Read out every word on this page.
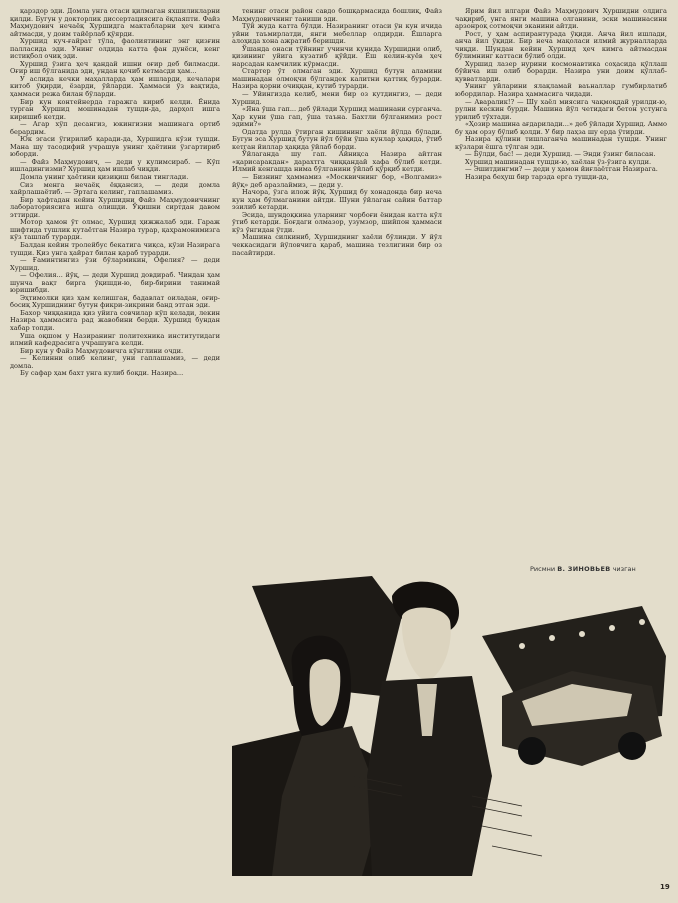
қарздор эди. Домла унга отаси қилмаган яхшиликларни қилди. Бугун у докторлик диссертациясига ёқлаяпти. Файз Маҳмудович нечаёқ Хуршидга мактабларни ҳеч кимга айтмасди, у доим тайёрлаб қўярди.

Хуршид куч-ғайрат тўла, фаолиятининг энг қизғин палласида эди. Унинг олдида катта фан дунёси, кенг истиқбол очиқ эди.

Хуршид ўзига ҳеч қандай ишни оғир деб билмасди. Оғир иш бўлганида эди, ундан қочиб кетмасди ҳам...

У аслида кечки маҳалларда ҳам ишларди, кечалари китоб ўқирди, ёзарди, ўйларди. Ҳаммаси ўз вақтида, ҳаммаси режа билан бўларди.

Бир кун контейнерда гаражга кириб келди. Ёнида турган Хуршид мошинадан тушди-да, дарҳол ишга киришиб кетди.

— Агар хўп десангиз, юкингизни машинага ортиб берардим.

Юк эгаси ўгирилиб қаради-да, Хуршидга кўзи тушди. Мана шу тасодифий учрашув унинг ҳаётини ўзгартириб юборди.

— Файз Маҳмудович, — деди у кулимсираб. — Кўп ишладингизми? Хуршид ҳам ишлаб чиқди.

Домла унинг ҳаётини қизиқиш билан тинглади.

Сиз менга нечаёқ ёққансиз, — деди домла хайрлашаётиб. — Эртага келинг, гаплашамиз.

Бир ҳафтадан кейин Хуршидни Файз Маҳмудовичнинг лабораториясига ишга олишди. Ўқишни сиртдан давом эттирди.

Мотор ҳамон ўт олмас, Хуршид ҳижжалаб эди. Гараж шифтида тушлик кутаётган Назира турар, қаҳрамонимизга кўз ташлаб турарди.

Балдан кейин тролейбус бекатига чиқса, кўзи Назирага тушди. Қиз унга ҳайрат билан қараб турарди.

— Ғаминтингиз ўзи бўлармикин, Офелия? — деди Хуршид.

— Офелия... йўқ, — деди Хуршид довдираб. Чиндан ҳам шунча вақт бирга ўқишди-ю, бир-бирини танимай юришибди.

Эҳтимолки қиз ҳам келишган, бадавлат оиладан, оғир-босиқ Хуршиднинг бутун фикри-зикрини банд этган эди.

Бахор чиққанида қиз уйига совчилар кўп келади, лекин Назира ҳаммасига рад жавобини берди. Хуршид бундан хабар топди.

Уша оқшом у Назиранинг политехника институтидаги илмий кафедрасига учрашувга келди.

Бир кун у Файз Маҳмудовичга кўнглини очди.

— Келинни олиб келинг, уни гаплашамиз, — деди домла.

Бу сафар ҳам бахт унга кулиб боқди. Назира...

тенинг отаси район савдо бошқармасида бошлиқ, Файз Маҳмудовичнинг таниши эди.

Тўй жуда катта бўлди. Назиранинг отаси ўн кун ичида уйни таъмирлатди, янги мебеллар олдирди. Ёшларга алоҳида хона ажратиб беришди.

Ўшанда онаси тўйнинг учинчи кунида Хуршидни олиб, қизининг уйига кузатиб қўйди. Ёш келин-куёв ҳеч нарсадан камчилик кўрмасди.

Стартер ўт олмаган эди. Хуршид бутун аламини машинадан олмоқчи бўлгандек калитни қаттиқ бурарди. Назира қорни очиққан, кутиб турарди.

— Уйингизда келиб, мени бир оз кутдингиз, — деди Хуршид.

«Яна ўша гап... деб ўйлади Хуршид машинани сурганча. Ҳар куни ўша гап, ўша таъна. Бахтли бўлганимиз рост эдими?»

Одатда рулда ўтирган кишининг хаёли йўлда бўлади. Бугун эса Хуршид бутун йўл бўйи ўша кунлар ҳақида, ўтиб кетган йиллар ҳақида ўйлаб борди.

Ўйлаганда шу гап. Айниқса Назира айтган «қарисаракдан» дарахтга чиққандай хафа бўлиб кетди. Илмий кенгашда нима бўлганини ўйлаб қўрқиб кетди.

— Бизнинг ҳаммамиз «Москвичнинг бор, «Волгамиз» йўқ» деб аразлаймиз, — деди у.

Начора, ўзга илож йўқ. Хуршид бу хонадонда бир неча кун ҳам бўлмаганини айтди. Шуни ўйлаган сайин баттар эзилиб кетарди.

Эсида, шундоқкина уларнинг чорбоғи ёнидан катта кўл ўтиб кетарди. Боғдаги олмазор, узумзор, шийпон ҳаммаси кўз ўнгидан ўтди.

Машина силкиниб, Хуршиднинг хаёли бўлинди. У йўл чеккасидаги йўловчига қараб, машина тезлигини бир оз пасайтирди.

Ярим йил илгари Файз Маҳмудович Хуршидни олдига чақириб, унга янги машина олганини, эски машинасини арзонроқ сотмоқчи эканини айтди.

Рост, у ҳам аспирантурада ўқиди. Анча йил ишлади, анча йил ўқиди. Бир неча мақоласи илмий журналларда чиқди. Шундан кейин Хуршид ҳеч кимга айтмасдан бўлимнинг каттаси бўлиб олди.

Хуршид лазер нурини космонавтика соҳасида қўллаш бўйича иш олиб борарди. Назира уни доим қўллаб-қувватларди.

Унинг уйларини ялақламай ваъналлар гумбирлатиб юбордилар. Назира ҳаммасига чидади.

— Аваралик!? — Шу хаёл миясига чақмоқдай урилди-ю, рулни кескин бурди. Машина йўл четидаги бетон устунга урилиб тўхтади.

«Ҳозир машина ағдарилади...» деб ўйлади Хуршид. Аммо бу ҳам орзу бўлиб қолди. У бир лаҳза шу ерда ўтирди.

Назира қўлини тишлаганча машинадан тушди. Унинг кўзлари ёшга тўлган эди.

— Бўлди, бас! — деди Хуршид. — Энди ўзинг биласан.

Хуршид машинадан тушди-ю, хаёлан ўз-ўзига кулди.

— Эшитдингми? — деди у ҳамон йиғлаётган Назирага.

Назира беҳуш бир тарзда ерга тушди-да,

Рисмни В. ЗИНОВЬЕВ чизган
19
